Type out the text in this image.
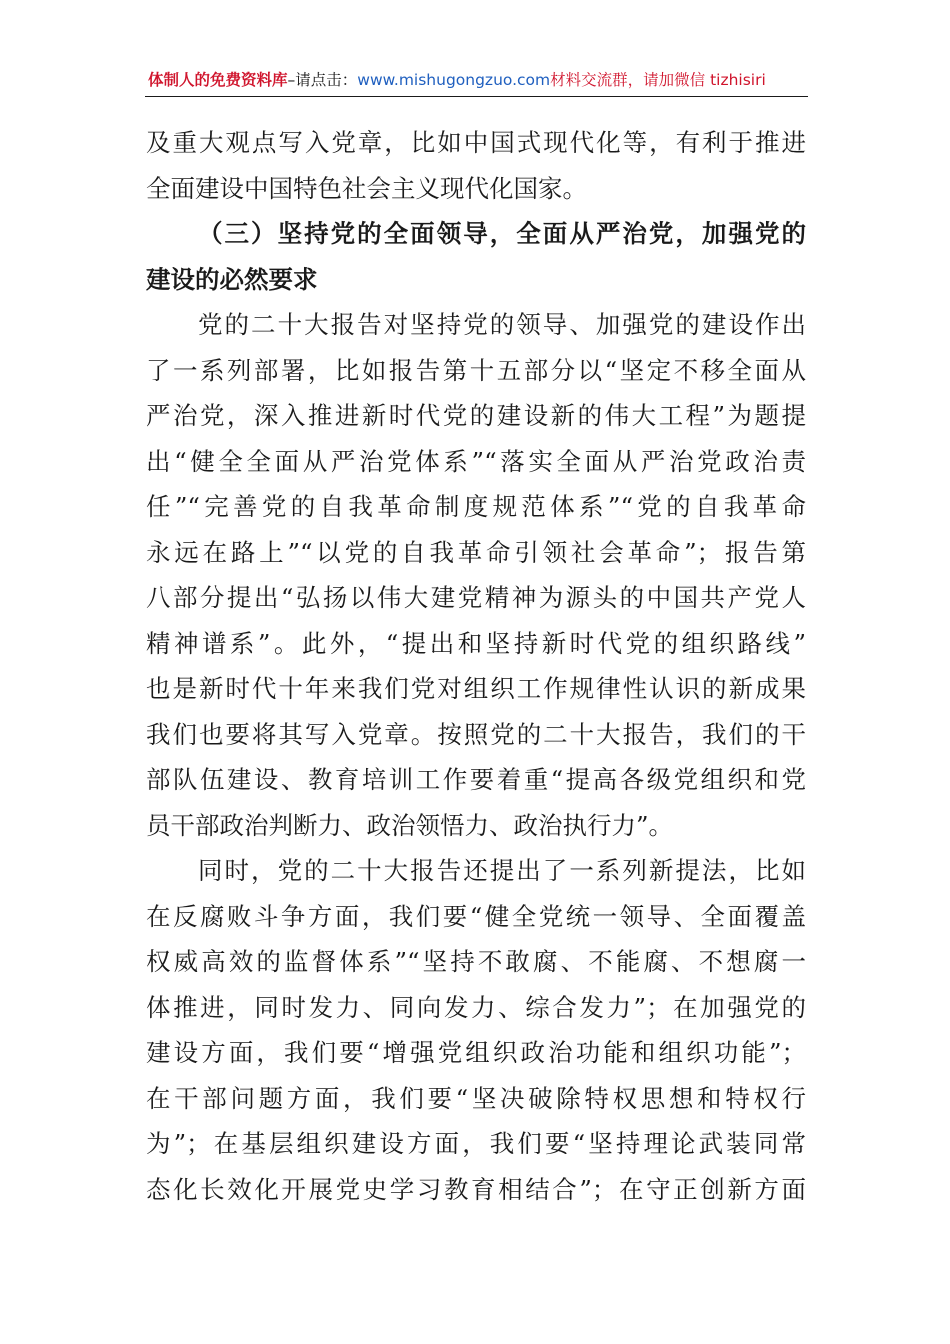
体制人的免费资料库–请点击：www.mishugongzuo.com材料交流群，请加微信 tizhisiri
及重大观点写入党章，比如中国式现代化等，有利于推进
全面建设中国特色社会主义现代化国家。
（三）坚持党的全面领导，全面从严治党，加强党的
建设的必然要求
党的二十大报告对坚持党的领导、加强党的建设作出
了一系列部署，比如报告第十五部分以“坚定不移全面从
严治党，深入推进新时代党的建设新的伟大工程”为题提
出“健全全面从严治党体系”“落实全面从严治党政治责
任”“完善党的自我革命制度规范体系”“党的自我革命
永远在路上”“以党的自我革命引领社会革命”；报告第
八部分提出“弘扬以伟大建党精神为源头的中国共产党人
精神谱系”。此外，“提出和坚持新时代党的组织路线”
也是新时代十年来我们党对组织工作规律性认识的新成果
我们也要将其写入党章。按照党的二十大报告，我们的干
部队伍建设、教育培训工作要着重“提高各级党组织和党
员干部政治判断力、政治领悟力、政治执行力”。
同时，党的二十大报告还提出了一系列新提法，比如
在反腐败斗争方面，我们要“健全党统一领导、全面覆盖
权威高效的监督体系”“坚持不敢腐、不能腐、不想腐一
体推进，同时发力、同向发力、综合发力”；在加强党的
建设方面，我们要“增强党组织政治功能和组织功能”；
在干部问题方面，我们要“坚决破除特权思想和特权行
为”；在基层组织建设方面，我们要“坚持理论武装同常
态化长效化开展党史学习教育相结合”；在守正创新方面
